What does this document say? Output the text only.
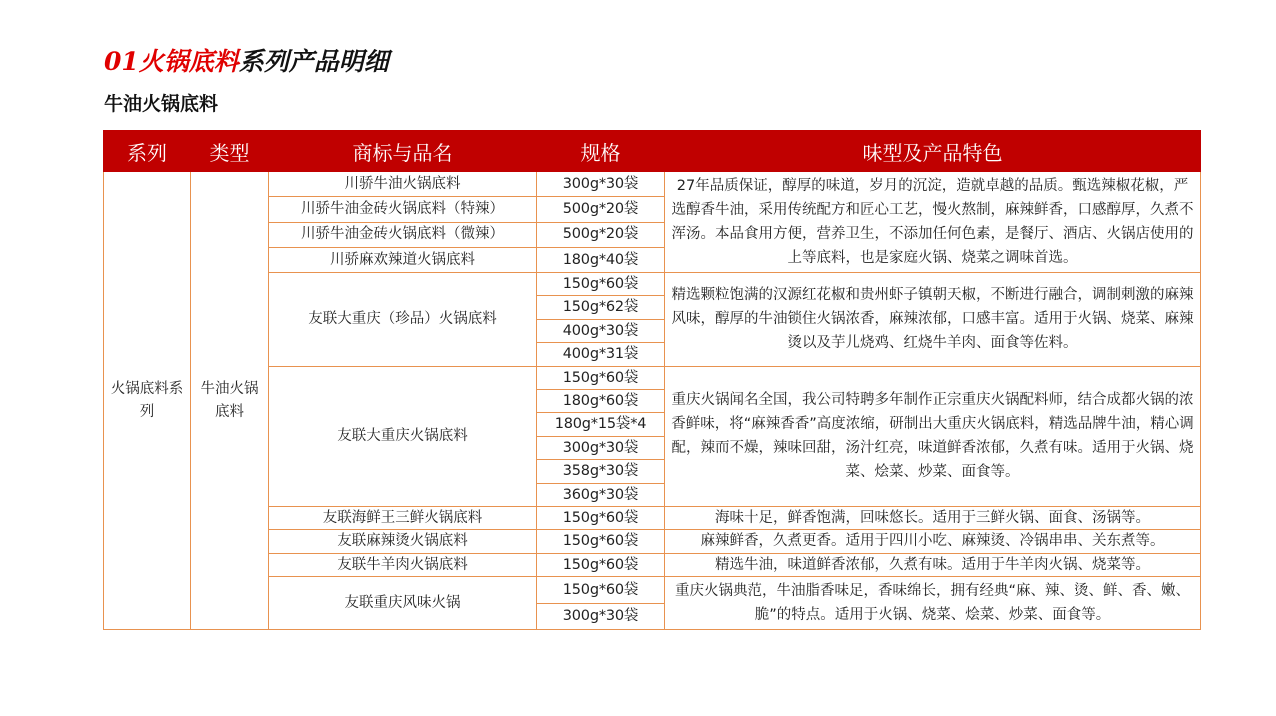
01火锅底料系列产品明细
牛油火锅底料
系列	类型	商标与品名	规格	味型及产品特色
火锅底料系列	牛油火锅底料	川骄牛油火锅底料	300g*30袋	27年品质保证，醇厚的味道，岁月的沉淀，造就卓越的品质。甄选辣椒花椒，严选醇香牛油，采用传统配方和匠心工艺，慢火熬制，麻辣鲜香，口感醇厚，久煮不浑汤。本品食用方便，营养卫生，不添加任何色素，是餐厅、酒店、火锅店使用的上等底料，也是家庭火锅、烧菜之调味首选。
		川骄牛油金砖火锅底料（特辣）	500g*20袋	
		川骄牛油金砖火锅底料（微辣）	500g*20袋	
		川骄麻欢辣道火锅底料	180g*40袋	
		友联大重庆（珍品）火锅底料	150g*60袋	精选颗粒饱满的汉源红花椒和贵州虾子镇朝天椒，不断进行融合，调制刺激的麻辣风味，醇厚的牛油锁住火锅浓香，麻辣浓郁，口感丰富。适用于火锅、烧菜、麻辣烫以及芋儿烧鸡、红烧牛羊肉、面食等佐料。
			150g*62袋	
			400g*30袋	
			400g*31袋	
		友联大重庆火锅底料	150g*60袋	重庆火锅闻名全国，我公司特聘多年制作正宗重庆火锅配料师，结合成都火锅的浓香鲜味，将“麻辣香香”高度浓缩，研制出大重庆火锅底料，精选品牌牛油，精心调配，辣而不燥，辣味回甜，汤汁红亮，味道鲜香浓郁，久煮有味。适用于火锅、烧菜、烩菜、炒菜、面食等。
			180g*60袋	
			180g*15袋*4	
			300g*30袋	
			358g*30袋	
			360g*30袋	
		友联海鲜王三鲜火锅底料	150g*60袋	海味十足，鲜香饱满，回味悠长。适用于三鲜火锅、面食、汤锅等。
		友联麻辣烫火锅底料	150g*60袋	麻辣鲜香，久煮更香。适用于四川小吃、麻辣烫、冷锅串串、关东煮等。
		友联牛羊肉火锅底料	150g*60袋	精选牛油，味道鲜香浓郁，久煮有味。适用于牛羊肉火锅、烧菜等。
		友联重庆风味火锅	150g*60袋	重庆火锅典范，牛油脂香味足，香味绵长，拥有经典“麻、辣、烫、鲜、香、嫩、脆”的特点。适用于火锅、烧菜、烩菜、炒菜、面食等。
			300g*30袋	
